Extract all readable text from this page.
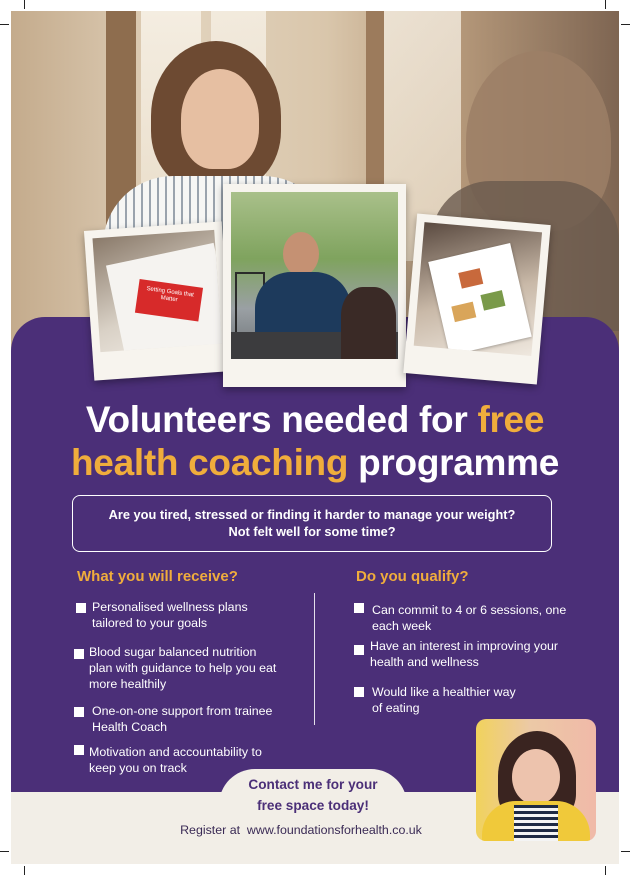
Setting Goals that Matter
Volunteers needed for free
health coaching programme
Are you tired, stressed or finding it harder to manage your weight?
Not felt well for some time?
What you will receive?
Personalised wellness plans
tailored to your goals
Blood sugar balanced nutrition
plan with guidance to help you eat
more healthily
One-on-one support from trainee
Health Coach
Motivation and accountability to
keep you on track
Do you qualify?
Can commit to 4 or 6 sessions, one
each week
Have an interest in improving your
health and wellness
Would like a healthier way
of eating
Contact me for your
free space today!
Register at www.foundationsforhealth.co.uk
